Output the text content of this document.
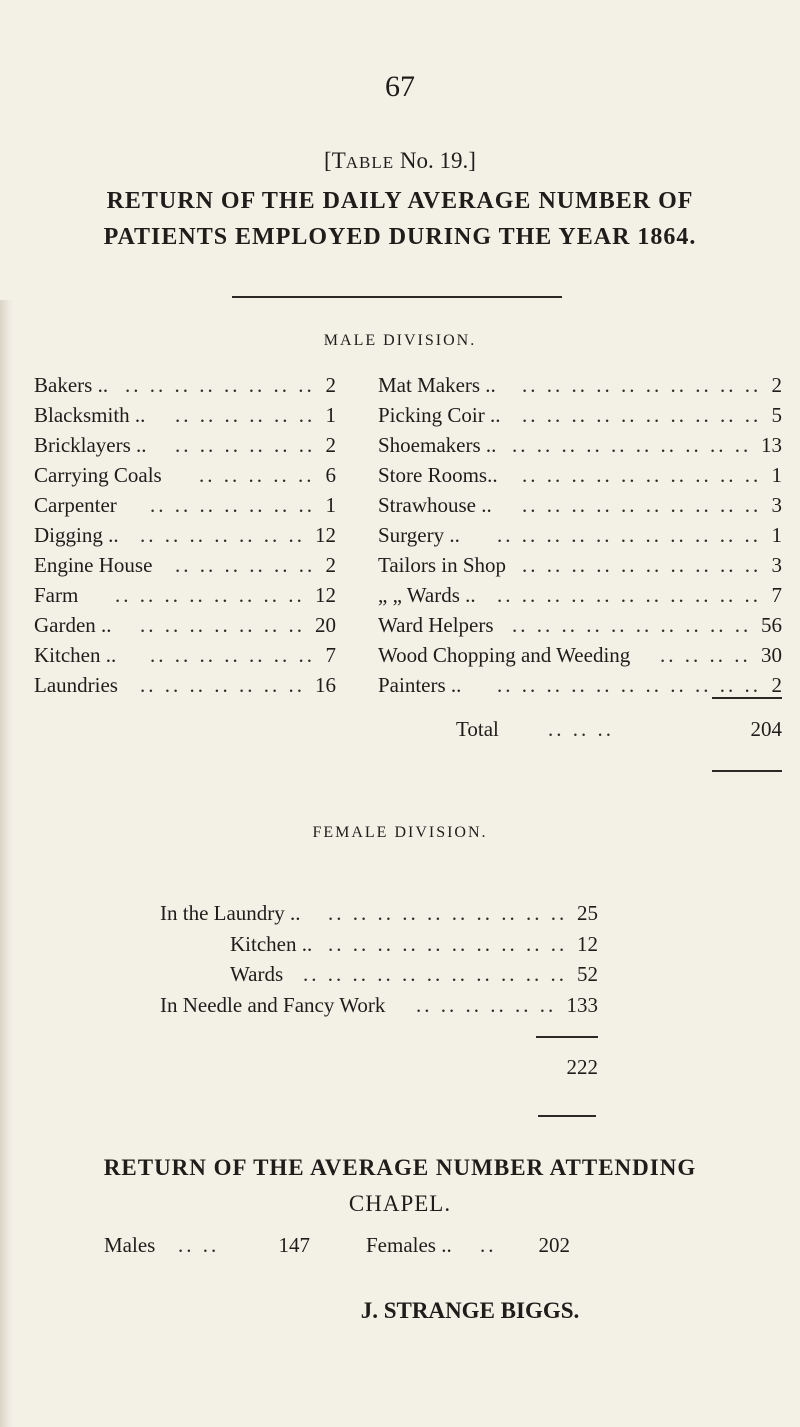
67
[TABLE No. 19.]
RETURN OF THE DAILY AVERAGE NUMBER OF
PATIENTS EMPLOYED DURING THE YEAR 1864.
MALE DIVISION.
Bakers .. .. .. .. .. .. .. .. .. 2
Blacksmith .. .. .. .. .. .. .. 1
Bricklayers .. .. .. .. .. .. .. 2
Carrying Coals .. .. .. .. .. 6
Carpenter .. .. .. .. .. .. .. 1
Digging .. .. .. .. .. .. .. .. 12
Engine House .. .. .. .. .. .. 2
Farm .. .. .. .. .. .. .. .. 12
Garden .. .. .. .. .. .. .. .. 20
Kitchen .. .. .. .. .. .. .. .. 7
Laundries .. .. .. .. .. .. .. 16
Mat Makers .. .. .. .. .. .. .. .. .. .. .. 2
Picking Coir .. .. .. .. .. .. .. .. .. .. .. 5
Shoemakers .. .. .. .. .. .. .. .. .. .. .. 13
Store Rooms.. .. .. .. .. .. .. .. .. .. .. 1
Strawhouse .. .. .. .. .. .. .. .. .. .. .. 3
Surgery .. .. .. .. .. .. .. .. .. .. .. .. 1
Tailors in Shop .. .. .. .. .. .. .. .. .. .. 3
„ „ Wards .. .. .. .. .. .. .. .. .. .. .. .. 7
Ward Helpers .. .. .. .. .. .. .. .. .. .. 56
Wood Chopping and Weeding .. .. .. .. 30
Painters .. .. .. .. .. .. .. .. .. .. .. .. 2
Total .. .. ..	204
FEMALE DIVISION.
In the Laundry .. .. .. .. .. .. .. .. .. .. .. 25
Kitchen .. .. .. .. .. .. .. .. .. .. .. 12
Wards .. .. .. .. .. .. .. .. .. .. .. 52
In Needle and Fancy Work .. .. .. .. .. .. 133
222
RETURN OF THE AVERAGE NUMBER ATTENDING
CHAPEL.
Males .. ..	147	Females .. ..	202
J. STRANGE BIGGS.
